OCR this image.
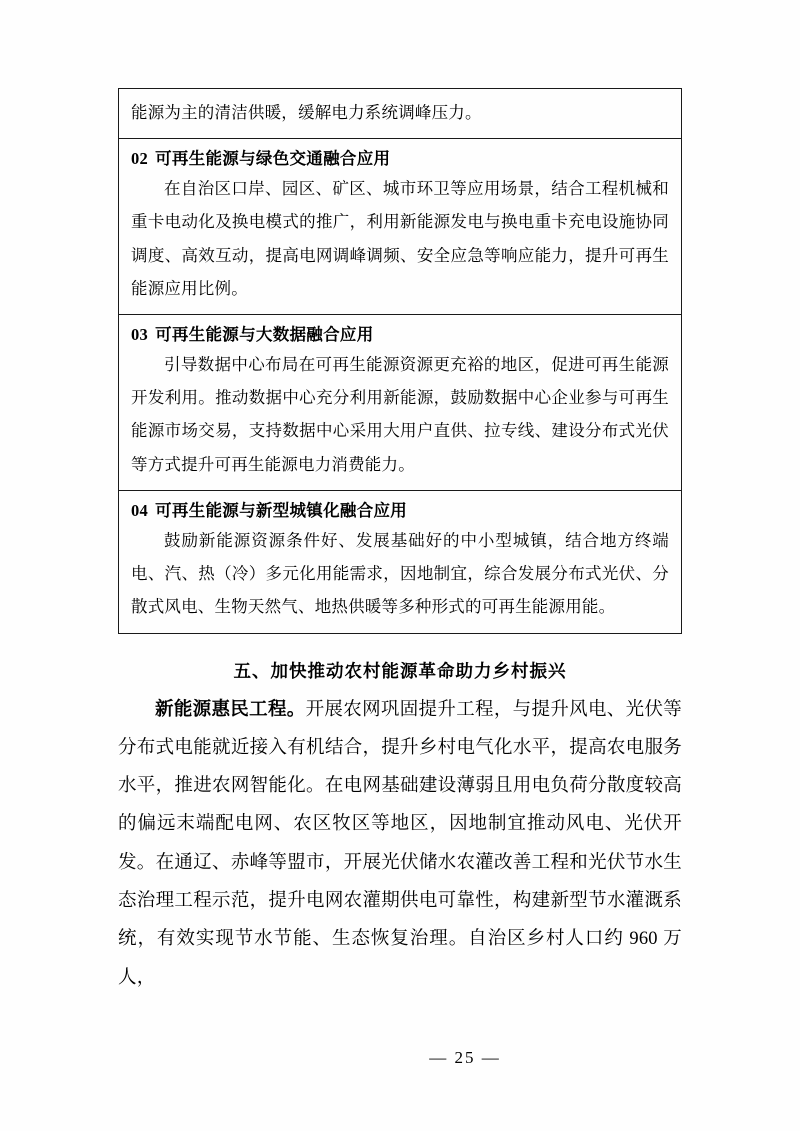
能源为主的清洁供暖，缓解电力系统调峰压力。

02 可再生能源与绿色交通融合应用
在自治区口岸、园区、矿区、城市环卫等应用场景，结合工程机械和重卡电动化及换电模式的推广，利用新能源发电与换电重卡充电设施协同调度、高效互动，提高电网调峰调频、安全应急等响应能力，提升可再生能源应用比例。

03 可再生能源与大数据融合应用
引导数据中心布局在可再生能源资源更充裕的地区，促进可再生能源开发利用。推动数据中心充分利用新能源，鼓励数据中心企业参与可再生能源市场交易，支持数据中心采用大用户直供、拉专线、建设分布式光伏等方式提升可再生能源电力消费能力。

04 可再生能源与新型城镇化融合应用
鼓励新能源资源条件好、发展基础好的中小型城镇，结合地方终端电、汽、热（冷）多元化用能需求，因地制宜，综合发展分布式光伏、分散式风电、生物天然气、地热供暖等多种形式的可再生能源用能。
五、加快推动农村能源革命助力乡村振兴

新能源惠民工程。开展农网巩固提升工程，与提升风电、光伏等分布式电能就近接入有机结合，提升乡村电气化水平，提高农电服务水平，推进农网智能化。在电网基础建设薄弱且用电负荷分散度较高的偏远末端配电网、农区牧区等地区，因地制宜推动风电、光伏开发。在通辽、赤峰等盟市，开展光伏储水农灌改善工程和光伏节水生态治理工程示范，提升电网农灌期供电可靠性，构建新型节水灌溉系统，有效实现节水节能、生态恢复治理。自治区乡村人口约 960 万人，

— 25 —
